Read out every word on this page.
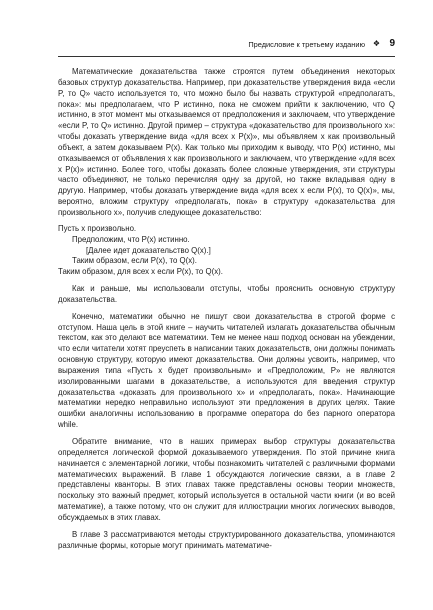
Предисловие к третьему изданию ❖ 9

Математические доказательства также строятся путем объединения некоторых базовых структур доказательства. Например, при доказательстве утверждения вида «если P, то Q» часто используется то, что можно было бы назвать структурой «предполагатъ, пока»: мы предполагаем, что P истинно, пока не сможем прийти к заключению, что Q истинно, в этот момент мы отказываемся от предположения и заключаем, что утверждение «если P, то Q» истинно. Другой пример – структура «доказательство для произвольного x»: чтобы доказать утверждение вида «для всех x P(x)», мы объявляем x как произвольный объект, а затем доказываем P(x). Как только мы приходим к выводу, что P(x) истинно, мы отказываемся от объявления x как произвольного и заключаем, что утверждение «для всех x P(x)» истинно. Более того, чтобы доказать более сложные утверждения, эти структуры часто объединяют, не только перечисляя одну за другой, но также вкладывая одну в другую. Например, чтобы доказать утверждение вида «для всех x если P(x), то Q(x)», мы, вероятно, вложим структуру «предполагать, пока» в структуру «доказательства для произвольного x», получив следующее доказательство:

Пусть x произвольно.
Предположим, что P(x) истинно.
[Далее идет доказательство Q(x).]
Таким образом, если P(x), то Q(x).
Таким образом, для всех x если P(x), то Q(x).

Как и раньше, мы использовали отступы, чтобы прояснить основную структуру доказательства.

Конечно, математики обычно не пишут свои доказательства в строгой форме с отступом. Наша цель в этой книге – научить читателей излагать доказательства обычным текстом, как это делают все математики. Тем не менее наш подход основан на убеждении, что если читатели хотят преуспеть в написании таких доказательств, они должны понимать основную структуру, которую имеют доказательства. Они должны усвоить, например, что выражения типа «Пусть x будет произвольным» и «Предположим, P» не являются изолированными шагами в доказательстве, а используются для введения структур доказательства «доказать для произвольного x» и «предполагать, пока». Начинающие математики нередко неправильно используют эти предложения в других целях. Такие ошибки аналогичны использованию в программе оператора do без парного оператора while.

Обратите внимание, что в наших примерах выбор структуры доказательства определяется логической формой доказываемого утверждения. По этой причине книга начинается с элементарной логики, чтобы познакомить читателей с различными формами математических выражений. В главе 1 обсуждаются логические связки, а в главе 2 представлены кванторы. В этих главах также представлены основы теории множеств, поскольку это важный предмет, который используется в остальной части книги (и во всей математике), а также потому, что он служит для иллюстрации многих логических выводов, обсуждаемых в этих главах.

В главе 3 рассматриваются методы структурированного доказательства, упоминаются различные формы, которые могут принимать математиче-
